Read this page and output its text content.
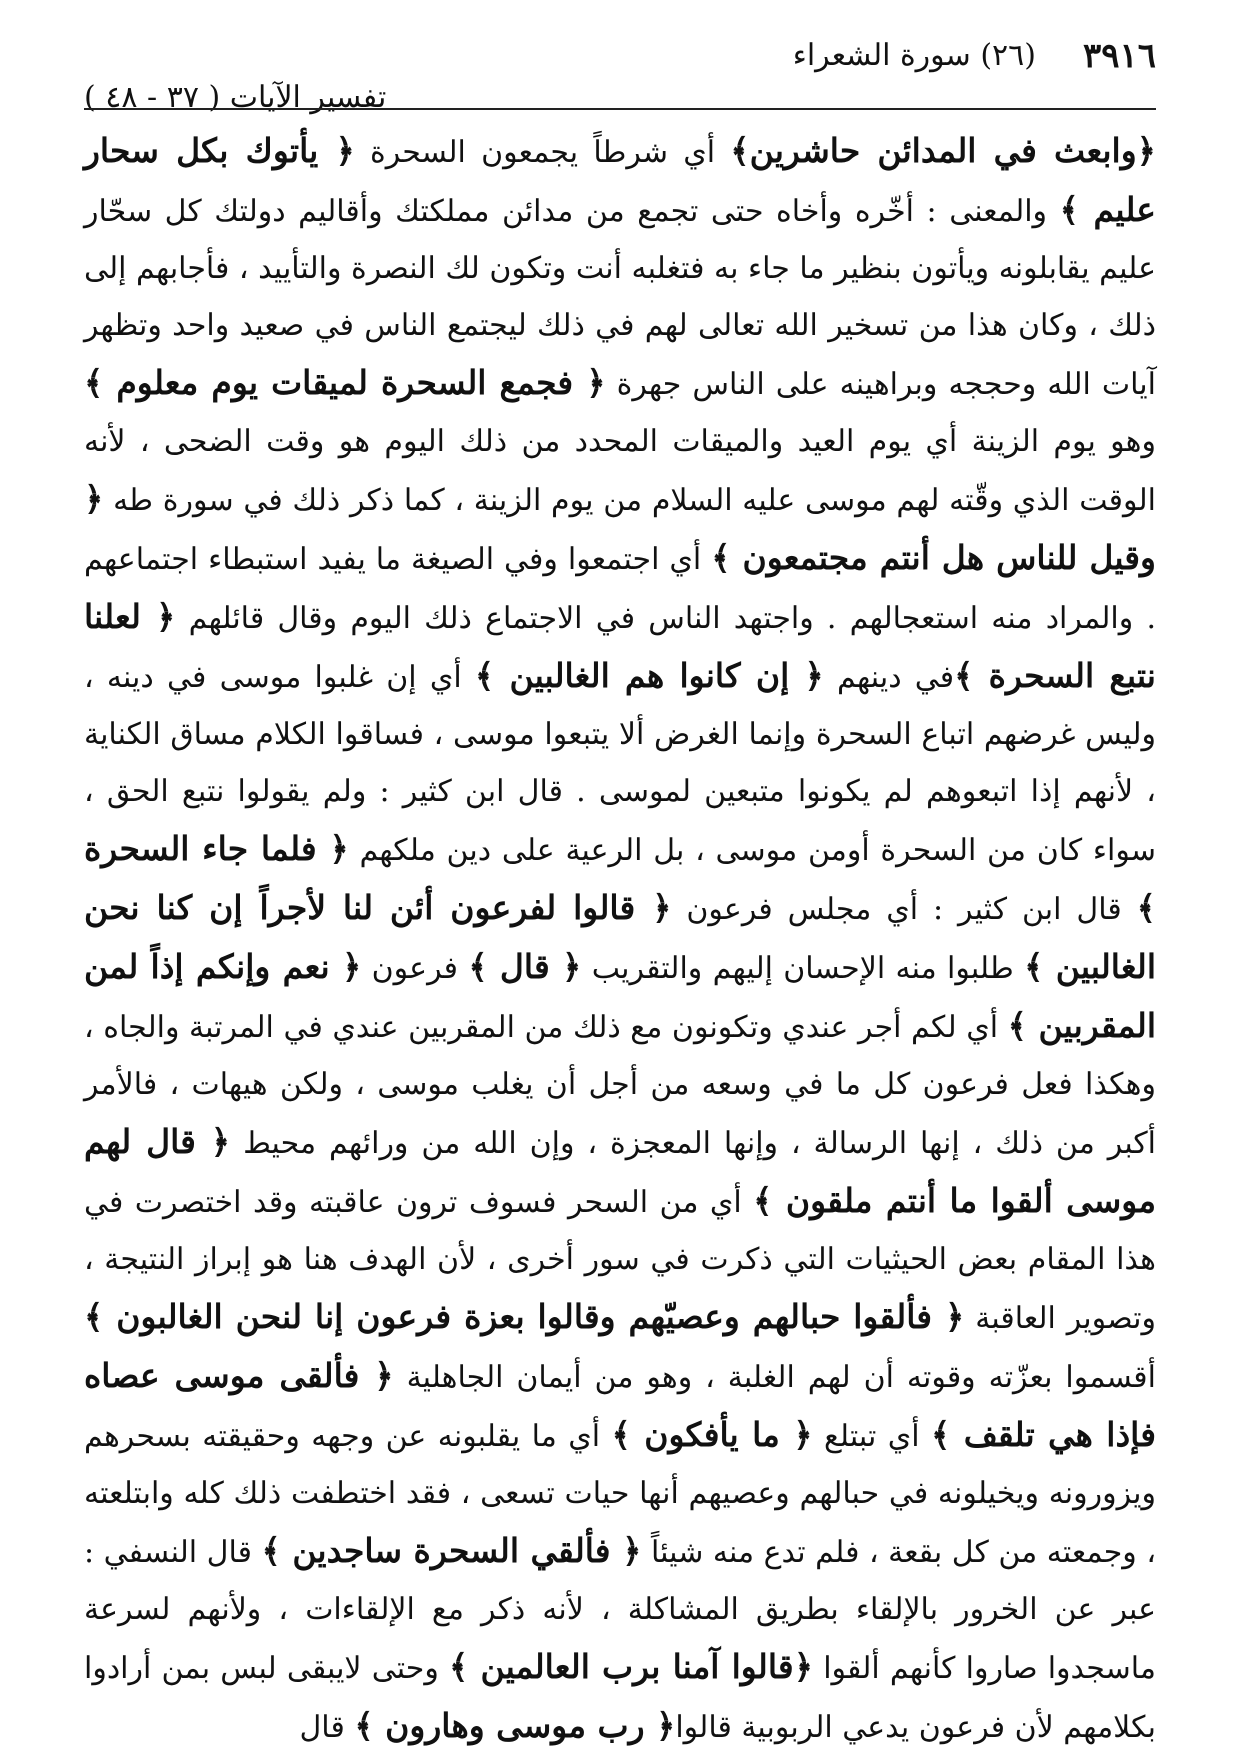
٣٩١٦
(٢٦) سورة الشعراء
تفسير الآيات ( ٣٧ - ٤٨ )
﴿وابعث في المدائن حاشرين﴾ أي شرطاً يجمعون السحرة ﴿ يأتوك بكل سحار عليم ﴾ والمعنى : أخّره وأخاه حتى تجمع من مدائن مملكتك وأقاليم دولتك كل سحّار عليم يقابلونه ويأتون بنظير ما جاء به فتغلبه أنت وتكون لك النصرة والتأييد ، فأجابهم إلى ذلك ، وكان هذا من تسخير الله تعالى لهم في ذلك ليجتمع الناس في صعيد واحد وتظهر آيات الله وحججه وبراهينه على الناس جهرة ﴿ فجمع السحرة لميقات يوم معلوم ﴾ وهو يوم الزينة أي يوم العيد والميقات المحدد من ذلك اليوم هو وقت الضحى ، لأنه الوقت الذي وقّته لهم موسى عليه السلام من يوم الزينة ، كما ذكر ذلك في سورة طه ﴿ وقيل للناس هل أنتم مجتمعون ﴾ أي اجتمعوا وفي الصيغة ما يفيد استبطاء اجتماعهم . والمراد منه استعجالهم . واجتهد الناس في الاجتماع ذلك اليوم وقال قائلهم ﴿ لعلنا نتبع السحرة ﴾في دينهم ﴿ إن كانوا هم الغالبين ﴾ أي إن غلبوا موسى في دينه ، وليس غرضهم اتباع السحرة وإنما الغرض ألا يتبعوا موسى ، فساقوا الكلام مساق الكناية ، لأنهم إذا اتبعوهم لم يكونوا متبعين لموسى . قال ابن كثير : ولم يقولوا نتبع الحق ، سواء كان من السحرة أومن موسى ، بل الرعية على دين ملكهم ﴿ فلما جاء السحرة ﴾ قال ابن كثير : أي مجلس فرعون ﴿ قالوا لفرعون أئن لنا لأجراً إن كنا نحن الغالبين ﴾ طلبوا منه الإحسان إليهم والتقريب ﴿ قال ﴾ فرعون ﴿ نعم وإنكم إذاً لمن المقربين ﴾ أي لكم أجر عندي وتكونون مع ذلك من المقربين عندي في المرتبة والجاه ، وهكذا فعل فرعون كل ما في وسعه من أجل أن يغلب موسى ، ولكن هيهات ، فالأمر أكبر من ذلك ، إنها الرسالة ، وإنها المعجزة ، وإن الله من ورائهم محيط ﴿ قال لهم موسى ألقوا ما أنتم ملقون ﴾ أي من السحر فسوف ترون عاقبته وقد اختصرت في هذا المقام بعض الحيثيات التي ذكرت في سور أخرى ، لأن الهدف هنا هو إبراز النتيجة ، وتصوير العاقبة ﴿ فألقوا حبالهم وعصيّهم وقالوا بعزة فرعون إنا لنحن الغالبون ﴾ أقسموا بعزّته وقوته أن لهم الغلبة ، وهو من أيمان الجاهلية ﴿ فألقى موسى عصاه فإذا هي تلقف ﴾ أي تبتلع ﴿ ما يأفكون ﴾ أي ما يقلبونه عن وجهه وحقيقته بسحرهم ويزورونه ويخيلونه في حبالهم وعصيهم أنها حيات تسعى ، فقد اختطفت ذلك كله وابتلعته ، وجمعته من كل بقعة ، فلم تدع منه شيئاً ﴿ فألقي السحرة ساجدين ﴾ قال النسفي : عبر عن الخرور بالإلقاء بطريق المشاكلة ، لأنه ذكر مع الإلقاءات ، ولأنهم لسرعة ماسجدوا صاروا كأنهم ألقوا ﴿قالوا آمنا برب العالمين ﴾ وحتى لايبقى لبس بمن أرادوا بكلامهم لأن فرعون يدعي الربوبية قالوا﴿ رب موسى وهارون ﴾ قال
